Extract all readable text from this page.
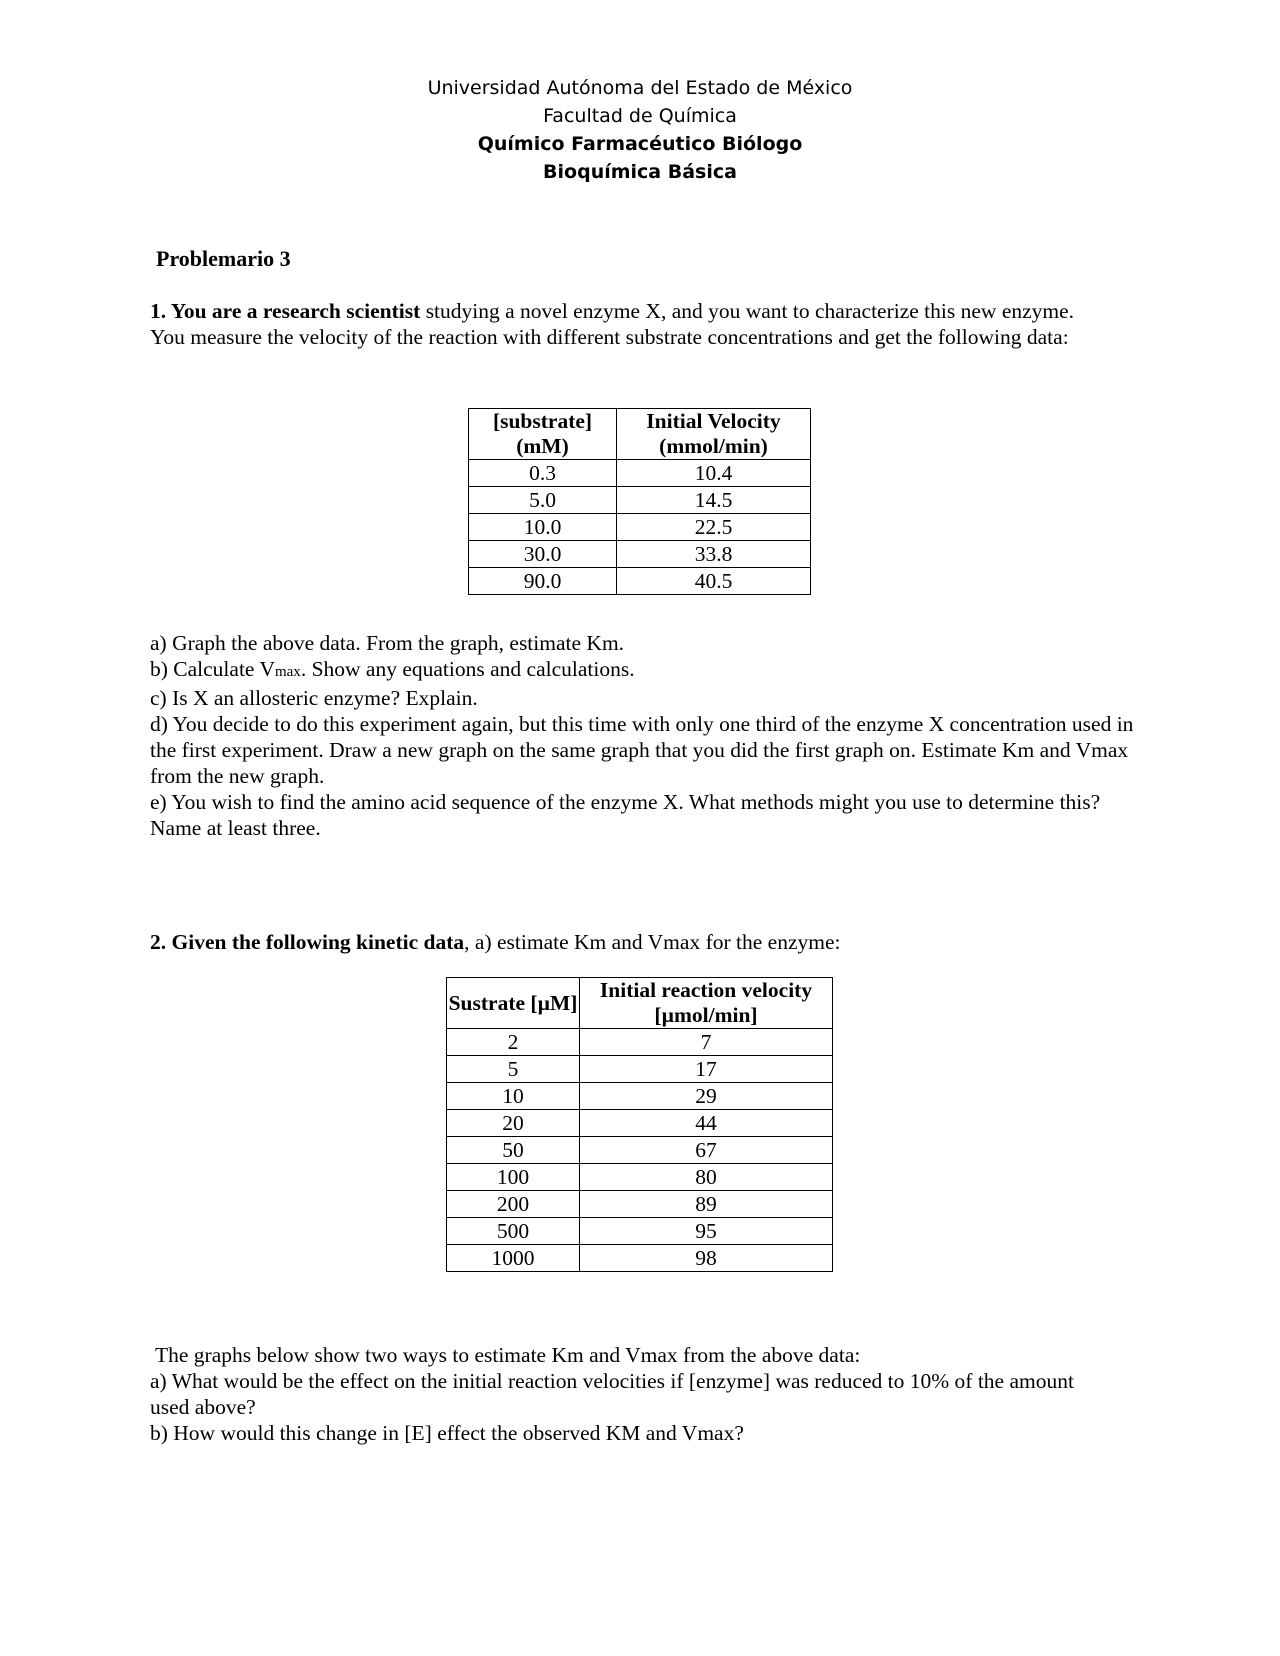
Universidad Autónoma del Estado de México
Facultad de Química
Químico Farmacéutico Biólogo
Bioquímica Básica
Problemario 3
1. You are a research scientist studying a novel enzyme X, and you want to characterize this new enzyme. You measure the velocity of the reaction with different substrate concentrations and get the following data:
[substrate] (mM)	Initial Velocity (mmol/min)
0.3	10.4
5.0	14.5
10.0	22.5
30.0	33.8
90.0	40.5
a) Graph the above data. From the graph, estimate Km.
b) Calculate Vmax. Show any equations and calculations.
c) Is X an allosteric enzyme? Explain.
d) You decide to do this experiment again, but this time with only one third of the enzyme X concentration used in the first experiment. Draw a new graph on the same graph that you did the first graph on. Estimate Km and Vmax from the new graph.
e) You wish to find the amino acid sequence of the enzyme X. What methods might you use to determine this? Name at least three.
2. Given the following kinetic data, a) estimate Km and Vmax for the enzyme:
Sustrate [µM]	Initial reaction velocity [µmol/min]
2	7
5	17
10	29
20	44
50	67
100	80
200	89
500	95
1000	98
The graphs below show two ways to estimate Km and Vmax from the above data:
a) What would be the effect on the initial reaction velocities if [enzyme] was reduced to 10% of the amount used above?
b) How would this change in [E] effect the observed KM and Vmax?
